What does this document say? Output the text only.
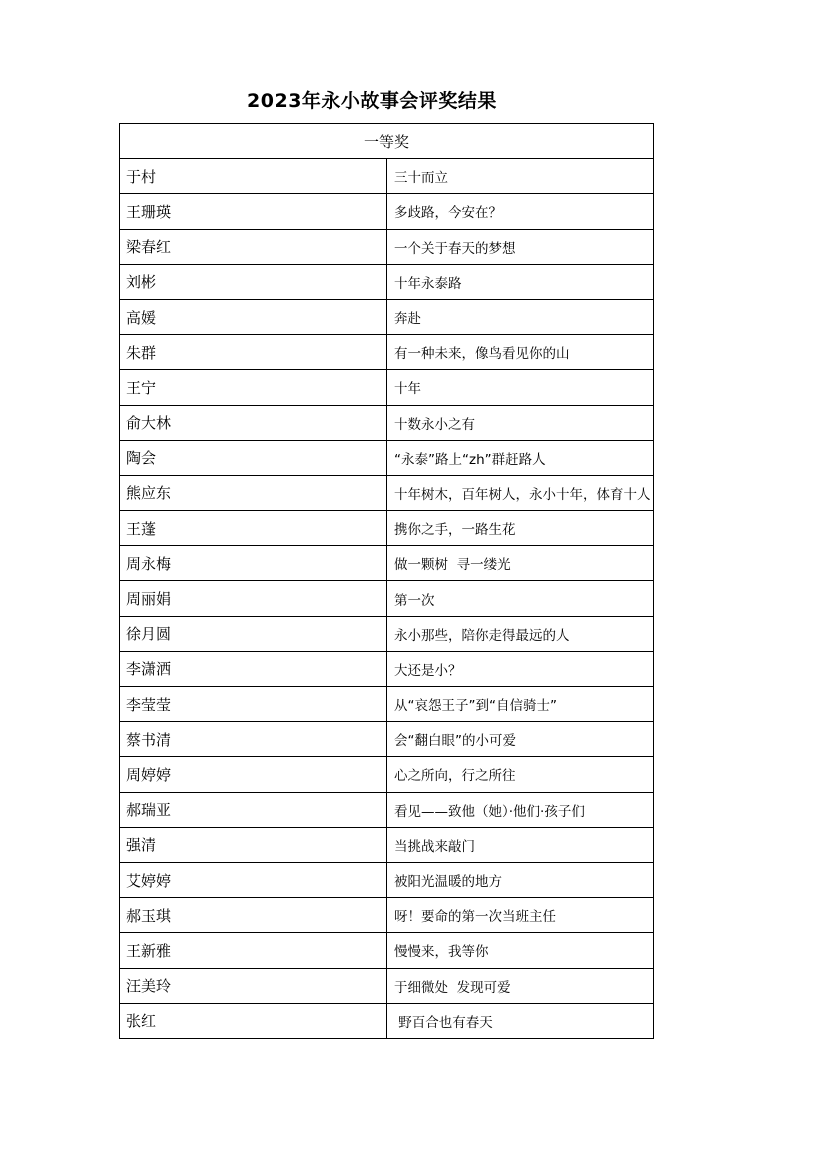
2023年永小故事会评奖结果
一等奖	
于村	三十而立
王珊瑛	多歧路，今安在？
梁春红	一个关于春天的梦想
刘彬	十年永泰路
高媛	奔赴
朱群	有一种未来，像鸟看见你的山
王宁	十年
俞大林	十数永小之有
陶会	“永泰”路上“zh”群赶路人
熊应东	十年树木，百年树人，永小十年，体育十人
王蓬	携你之手，一路生花
周永梅	做一颗树  寻一缕光
周丽娟	第一次
徐月圆	永小那些，陪你走得最远的人
李潇洒	大还是小？
李莹莹	从“哀怨王子”到“自信骑士”
蔡书清	会“翻白眼”的小可爱
周婷婷	心之所向，行之所往
郝瑞亚	看见——致他（她）·他们·孩子们
强清	当挑战来敲门
艾婷婷	被阳光温暖的地方
郝玉琪	呀！要命的第一次当班主任
王新雅	慢慢来，我等你
汪美玲	于细微处  发现可爱
张红	野百合也有春天
